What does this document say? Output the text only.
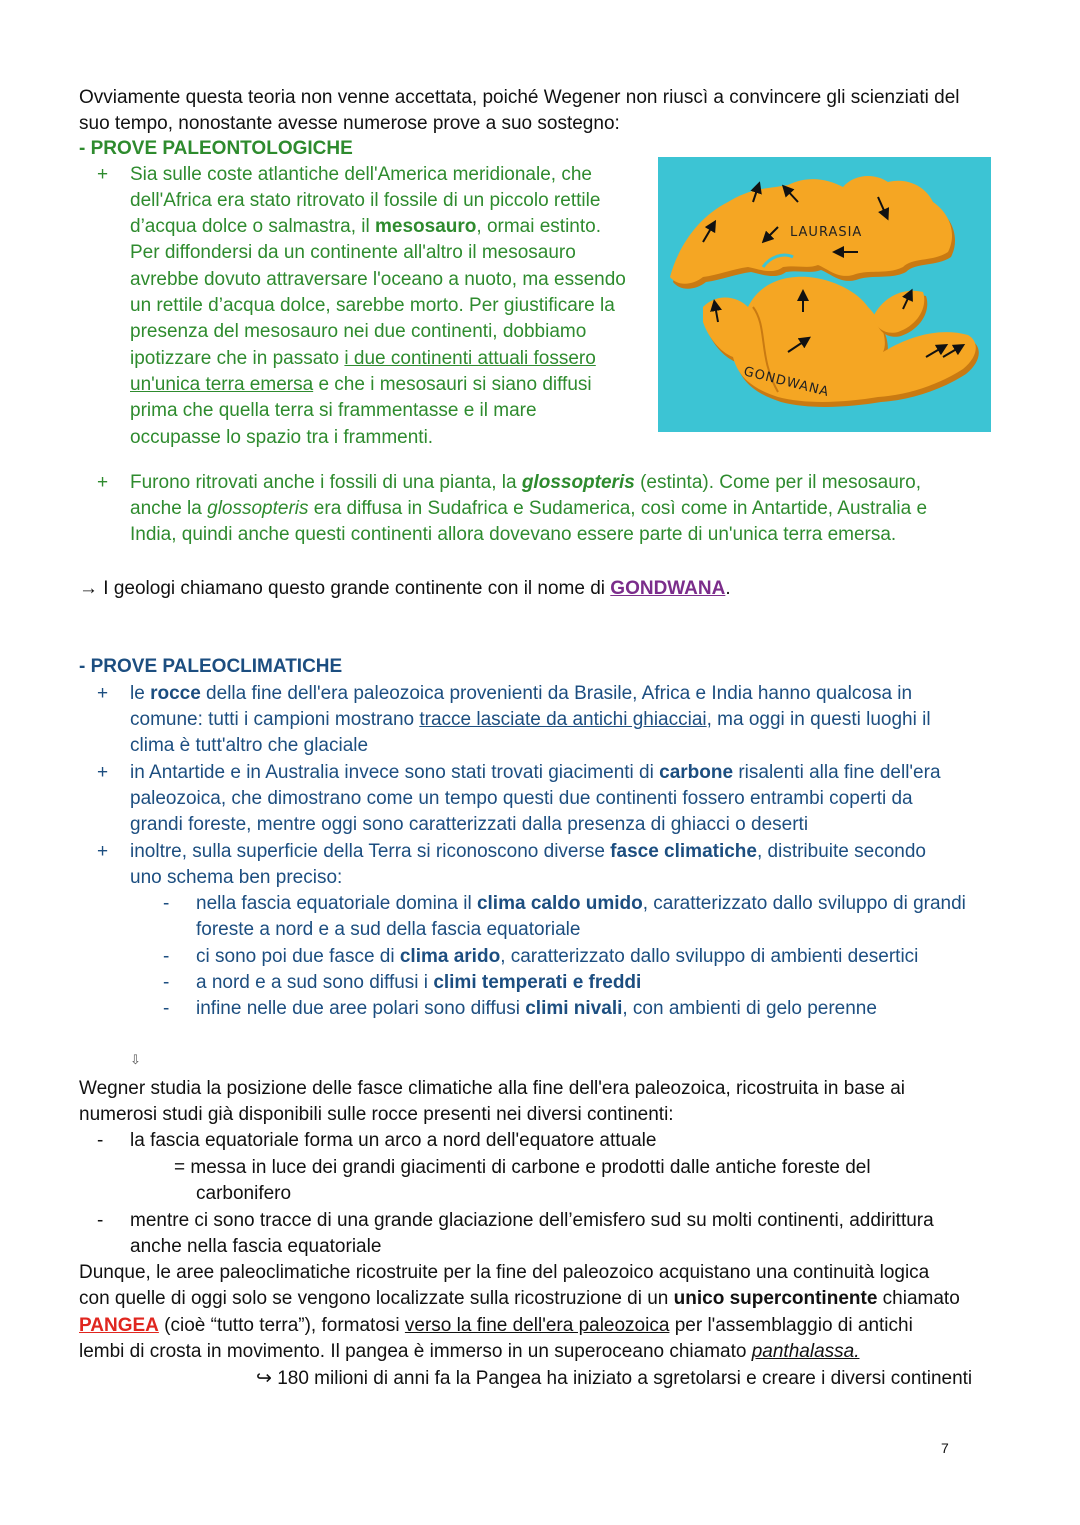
Ovviamente questa teoria non venne accettata, poiché Wegener non riuscì a convincere gli scienziati del
suo tempo, nonostante avesse numerose prove a suo sostegno:
- PROVE PALEONTOLOGICHE
+ Sia sulle coste atlantiche dell'America meridionale, che
dell'Africa era stato ritrovato il fossile di un piccolo rettile
d’acqua dolce o salmastra, il mesosauro, ormai estinto.
Per diffondersi da un continente all'altro il mesosauro
avrebbe dovuto attraversare l'oceano a nuoto, ma essendo
un rettile d’acqua dolce, sarebbe morto. Per giustificare la
presenza del mesosauro nei due continenti, dobbiamo
ipotizzare che in passato i due continenti attuali fossero
un'unica terra emersa e che i mesosauri si siano diffusi
prima che quella terra si frammentasse e il mare
occupasse lo spazio tra i frammenti.
LAURASIA
GONDWANA
+ Furono ritrovati anche i fossili di una pianta, la glossopteris (estinta). Come per il mesosauro,
anche la glossopteris era diffusa in Sudafrica e Sudamerica, così come in Antartide, Australia e
India, quindi anche questi continenti allora dovevano essere parte di un'unica terra emersa.
→ I geologi chiamano questo grande continente con il nome di GONDWANA.
- PROVE PALEOCLIMATICHE
+ le rocce della fine dell'era paleozoica provenienti da Brasile, Africa e India hanno qualcosa in
comune: tutti i campioni mostrano tracce lasciate da antichi ghiacciai, ma oggi in questi luoghi il
clima è tutt'altro che glaciale
+ in Antartide e in Australia invece sono stati trovati giacimenti di carbone risalenti alla fine dell'era
paleozoica, che dimostrano come un tempo questi due continenti fossero entrambi coperti da
grandi foreste, mentre oggi sono caratterizzati dalla presenza di ghiacci o deserti
+ inoltre, sulla superficie della Terra si riconoscono diverse fasce climatiche, distribuite secondo
uno schema ben preciso:
- nella fascia equatoriale domina il clima caldo umido, caratterizzato dallo sviluppo di grandi
foreste a nord e a sud della fascia equatoriale
- ci sono poi due fasce di clima arido, caratterizzato dallo sviluppo di ambienti desertici
- a nord e a sud sono diffusi i climi temperati e freddi
- infine nelle due aree polari sono diffusi climi nivali, con ambienti di gelo perenne
⇩
Wegner studia la posizione delle fasce climatiche alla fine dell'era paleozoica, ricostruita in base ai
numerosi studi già disponibili sulle rocce presenti nei diversi continenti:
- la fascia equatoriale forma un arco a nord dell'equatore attuale
= messa in luce dei grandi giacimenti di carbone e prodotti dalle antiche foreste del
carbonifero
- mentre ci sono tracce di una grande glaciazione dell’emisfero sud su molti continenti, addirittura
anche nella fascia equatoriale
Dunque, le aree paleoclimatiche ricostruite per la fine del paleozoico acquistano una continuità logica
con quelle di oggi solo se vengono localizzate sulla ricostruzione di un unico supercontinente chiamato
PANGEA (cioè “tutto terra”), formatosi verso la fine dell'era paleozoica per l'assemblaggio di antichi
lembi di crosta in movimento. Il pangea è immerso in un superoceano chiamato panthalassa.
↪ 180 milioni di anni fa la Pangea ha iniziato a sgretolarsi e creare i diversi continenti
7
